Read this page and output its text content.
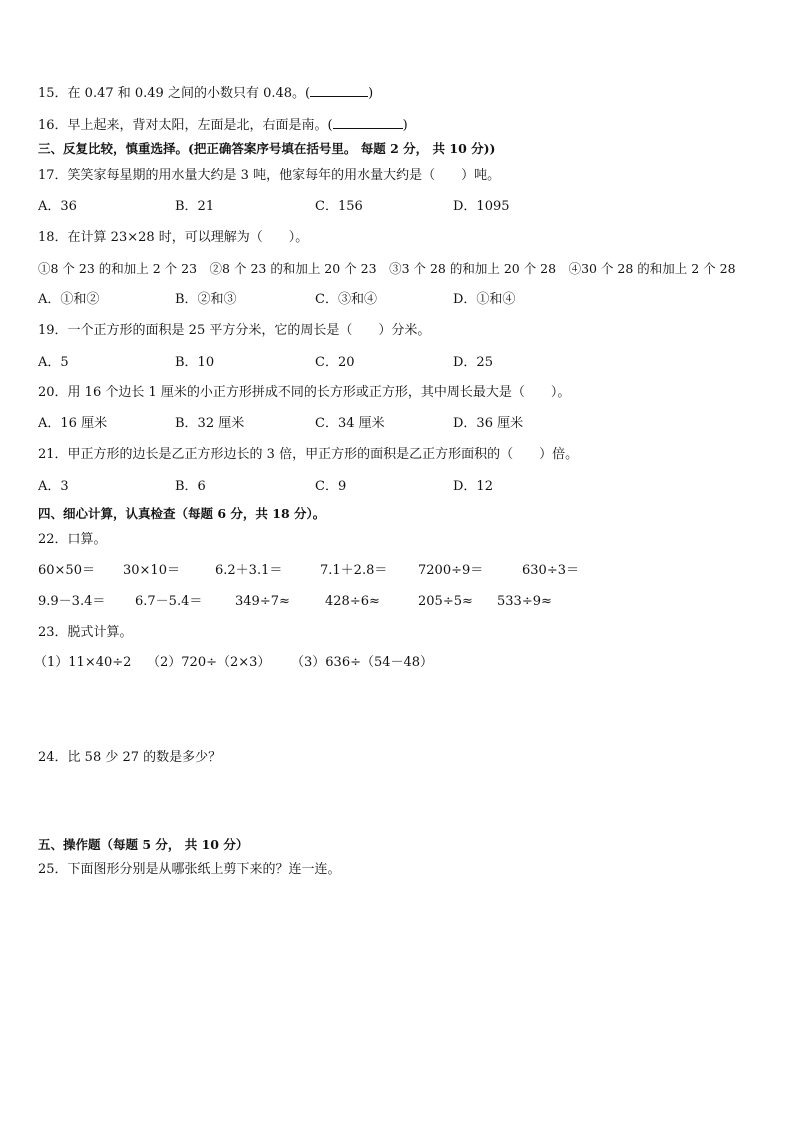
15．在 0.47 和 0.49 之间的小数只有 0.48。(	)
16．早上起来，背对太阳，左面是北，右面是南。(	)
三、反复比较，慎重选择。(把正确答案序号填在括号里。 每题 2 分， 共 10 分))
17．笑笑家每星期的用水量大约是 3 吨，他家每年的用水量大约是（　　）吨。
A．36	B．21	C．156	D．1095
18．在计算 23×28 时，可以理解为（　　）。
①8 个 23 的和加上 2 个 23　②8 个 23 的和加上 20 个 23　③3 个 28 的和加上 20 个 28　④30 个 28 的和加上 2 个 28
A．①和②	B．②和③	C．③和④	D．①和④
19．一个正方形的面积是 25 平方分米，它的周长是（　　）分米。
A．5	B．10	C．20	D．25
20．用 16 个边长 1 厘米的小正方形拼成不同的长方形或正方形，其中周长最大是（　　）。
A．16 厘米	B．32 厘米	C．34 厘米	D．36 厘米
21．甲正方形的边长是乙正方形边长的 3 倍，甲正方形的面积是乙正方形面积的（　　）倍。
A．3	B．6	C．9	D．12
四、细心计算，认真检查（每题 6 分，共 18 分）。
22．口算。
60×50＝ 30×10＝	6.2＋3.1＝	7.1＋2.8＝ 7200÷9＝	630÷3＝
9.9－3.4＝ 6.7－5.4＝	349÷7≈	428÷6≈	205÷5≈ 533÷9≈
23．脱式计算。
（1）11×40÷2 （2）720÷（2×3） （3）636÷（54－48）
24．比 58 少 27 的数是多少？
五、操作题（每题 5 分， 共 10 分）
25．下面图形分别是从哪张纸上剪下来的？连一连。
